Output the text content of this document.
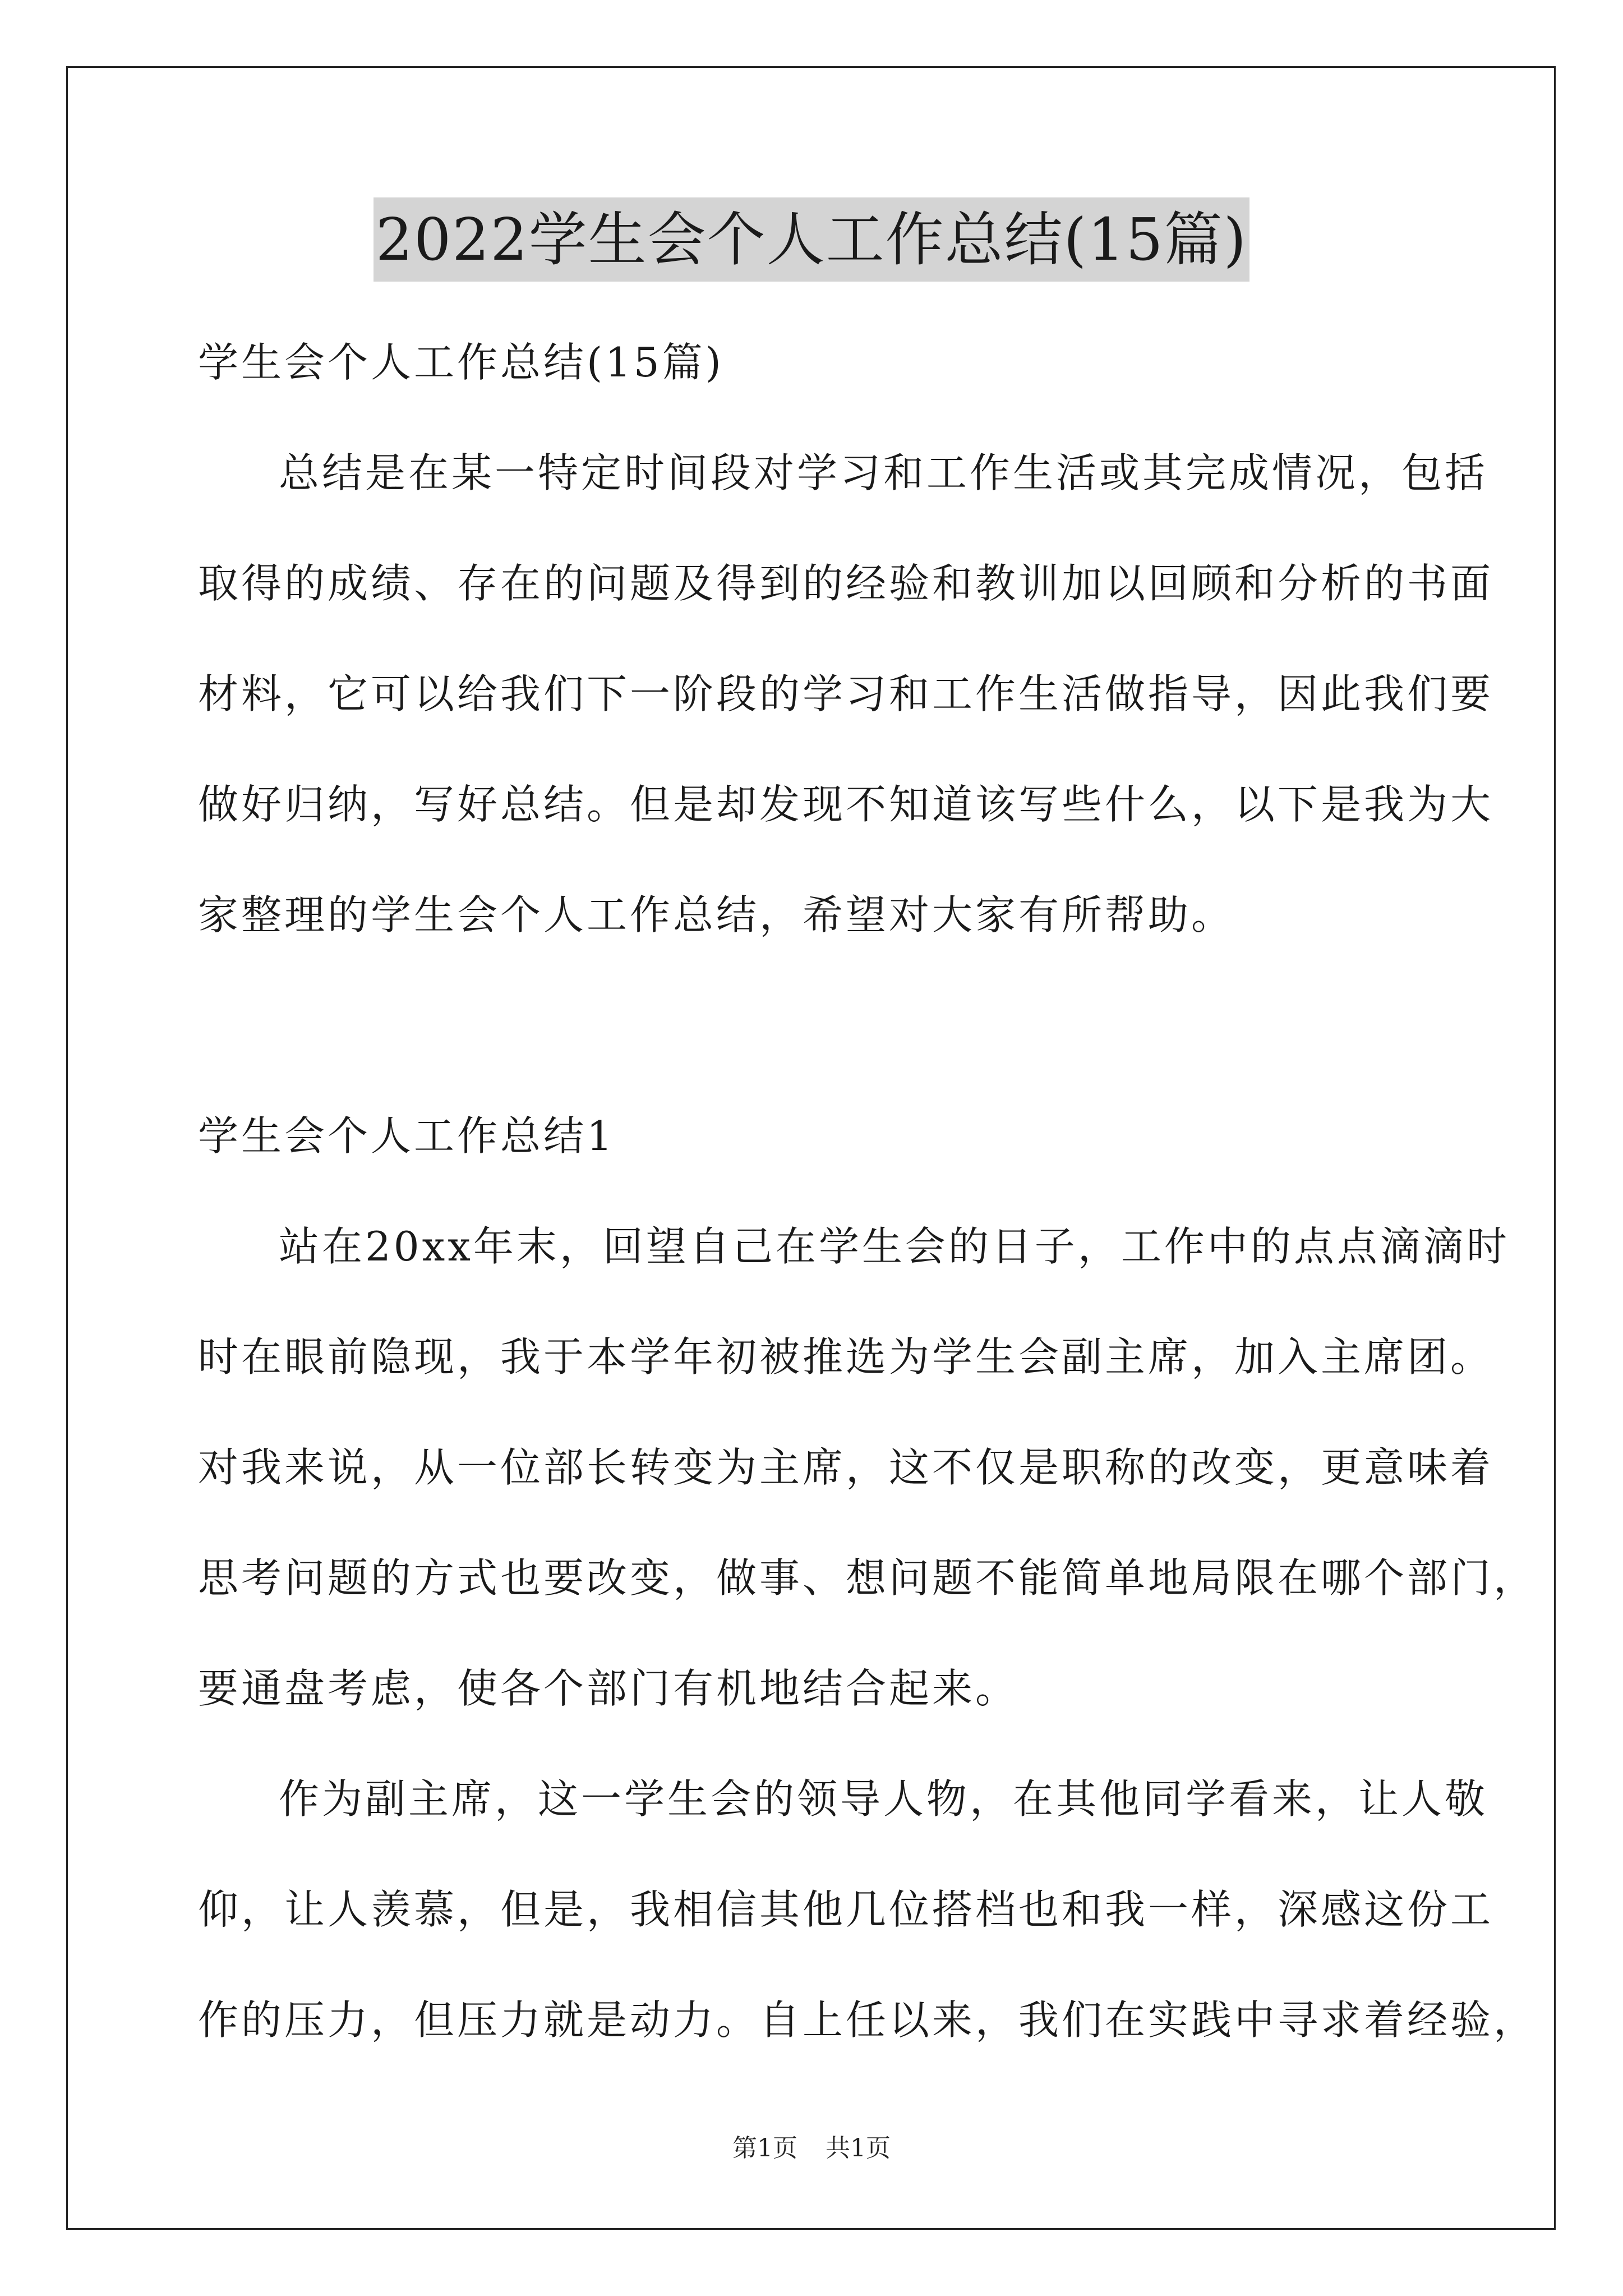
2022学生会个人工作总结(15篇)
学生会个人工作总结(15篇)
总结是在某一特定时间段对学习和工作生活或其完成情况，包括
取得的成绩、存在的问题及得到的经验和教训加以回顾和分析的书面
材料，它可以给我们下一阶段的学习和工作生活做指导，因此我们要
做好归纳，写好总结。但是却发现不知道该写些什么，以下是我为大
家整理的学生会个人工作总结，希望对大家有所帮助。
学生会个人工作总结1
站在20xx年末，回望自己在学生会的日子，工作中的点点滴滴时
时在眼前隐现，我于本学年初被推选为学生会副主席，加入主席团。
对我来说，从一位部长转变为主席，这不仅是职称的改变，更意味着
思考问题的方式也要改变，做事、想问题不能简单地局限在哪个部门，
要通盘考虑，使各个部门有机地结合起来。
作为副主席，这一学生会的领导人物，在其他同学看来，让人敬
仰，让人羡慕，但是，我相信其他几位搭档也和我一样，深感这份工
作的压力，但压力就是动力。自上任以来，我们在实践中寻求着经验，
第1页 共1页
